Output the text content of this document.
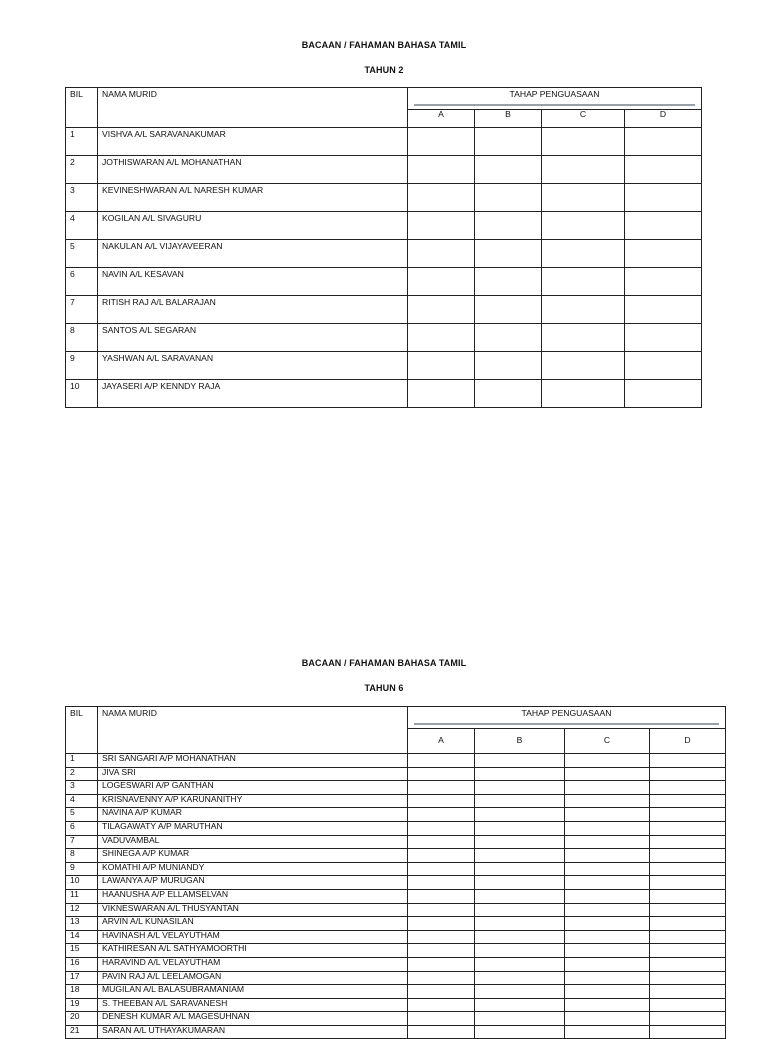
BACAAN / FAHAMAN BAHASA TAMIL
TAHUN 2
BIL	NAMA MURID	TAHAP PENGUASAAN			

		A	B	C	D
1	VISHVA A/L SARAVANAKUMAR				
2	JOTHISWARAN A/L MOHANATHAN				
3	KEVINESHWARAN A/L NARESH KUMAR				
4	KOGILAN A/L SIVAGURU				
5	NAKULAN A/L VIJAYAVEERAN				
6	NAVIN A/L KESAVAN				
7	RITISH RAJ A/L BALARAJAN				
8	SANTOS A/L SEGARAN				
9	YASHWAN A/L SARAVANAN				
10	JAYASERI A/P KENNDY RAJA				
BACAAN / FAHAMAN BAHASA TAMIL
TAHUN 6
BIL	NAMA MURID	TAHAP PENGUASAAN			

		A	B	C	D
1	SRI SANGARI A/P MOHANATHAN				
2	JIVA SRI				
3	LOGESWARI A/P GANTHAN				
4	KRISNAVENNY A/P KARUNANITHY				
5	NAVINA A/P KUMAR				
6	TILAGAWATY A/P MARUTHAN				
7	VADUVAMBAL				
8	SHINEGA A/P KUMAR				
9	KOMATHI A/P MUNIANDY				
10	LAWANYA A/P MURUGAN				
11	HAANUSHA A/P ELLAMSELVAN				
12	VIKNESWARAN A/L THUSYANTAN				
13	ARVIN A/L KUNASILAN				
14	HAVINASH A/L VELAYUTHAM				
15	KATHIRESAN A/L SATHYAMOORTHI				
16	HARAVIND A/L VELAYUTHAM				
17	PAVIN RAJ A/L LEELAMOGAN				
18	MUGILAN A/L BALASUBRAMANIAM				
19	S. THEEBAN A/L SARAVANESH				
20	DENESH KUMAR A/L MAGESUHNAN				
21	SARAN A/L UTHAYAKUMARAN				
